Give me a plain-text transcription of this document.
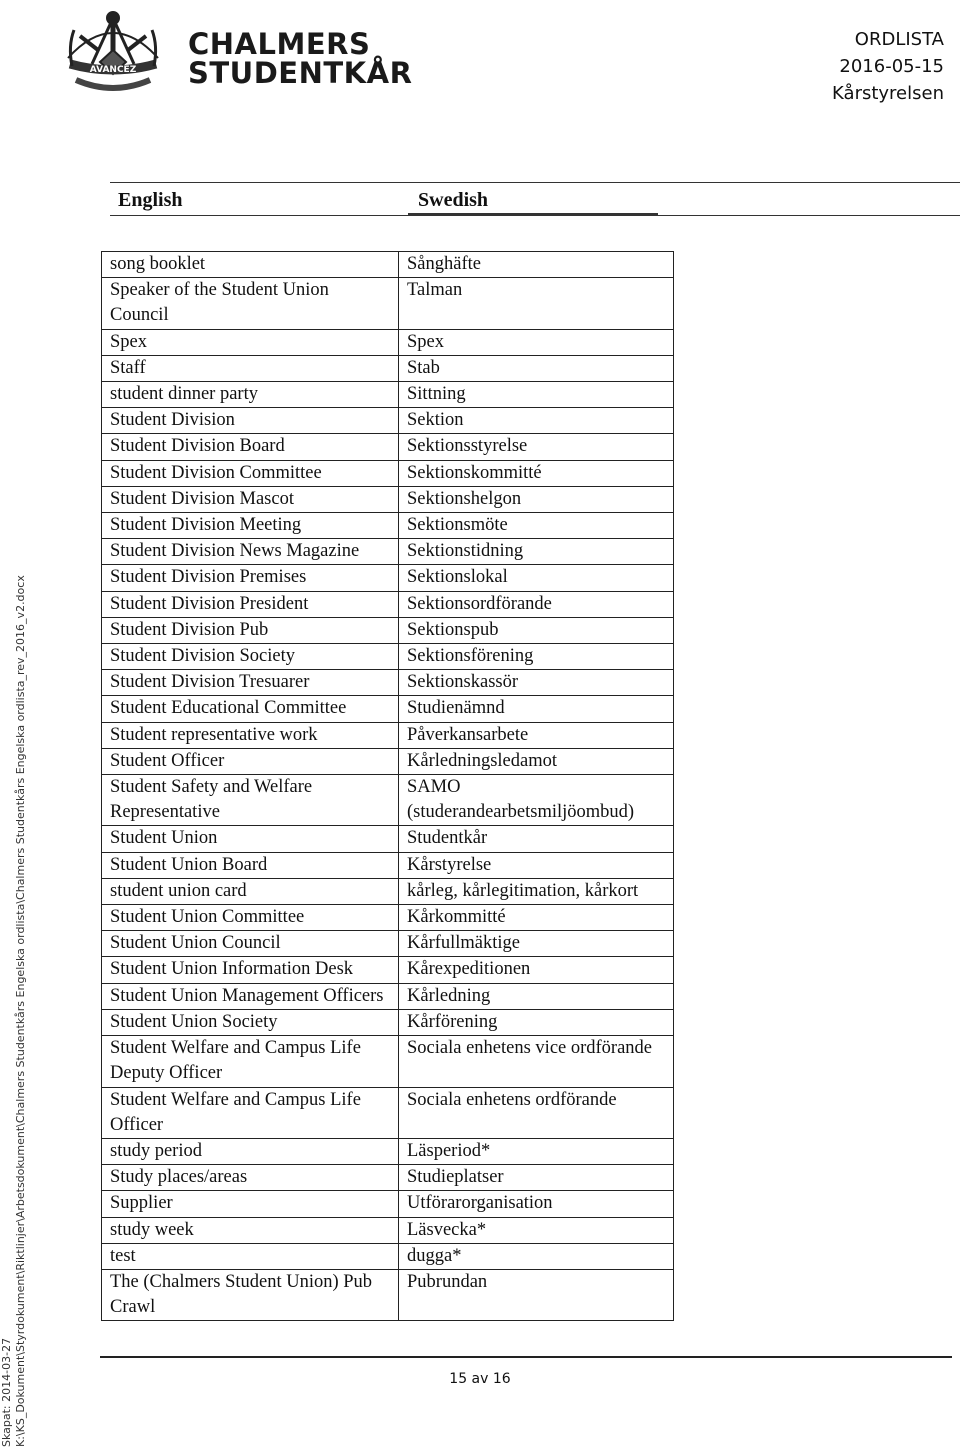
AVANCEZ
CHALMERS
STUDENTKÅR
ORDLISTA
2016-05-15
Kårstyrelsen
English	Swedish
song booklet	Sånghäfte
Speaker of the Student Union Council	Talman
Spex	Spex
Staff	Stab
student dinner party	Sittning
Student Division	Sektion
Student Division Board	Sektionsstyrelse
Student Division Committee	Sektionskommitté
Student Division Mascot	Sektionshelgon
Student Division Meeting	Sektionsmöte
Student Division News Magazine	Sektionstidning
Student Division Premises	Sektionslokal
Student Division President	Sektionsordförande
Student Division Pub	Sektionspub
Student Division Society	Sektionsförening
Student Division Tresuarer	Sektionskassör
Student Educational Committee	Studienämnd
Student representative work	Påverkansarbete
Student Officer	Kårledningsledamot
Student Safety and Welfare Representative	SAMO (studerandearbetsmiljöombud)
Student Union	Studentkår
Student Union Board	Kårstyrelse
student union card	kårleg, kårlegitimation, kårkort
Student Union Committee	Kårkommitté
Student Union Council	Kårfullmäktige
Student Union Information Desk	Kårexpeditionen
Student Union Management Officers	Kårledning
Student Union Society	Kårförening
Student Welfare and Campus Life Deputy Officer	Sociala enhetens vice ordförande
Student Welfare and Campus Life Officer	Sociala enhetens ordförande
study period	Läsperiod*
Study places/areas	Studieplatser
Supplier	Utförarorganisation
study week	Läsvecka*
test	dugga*
The (Chalmers Student Union) Pub Crawl	Pubrundan
Skapat: 2014-03-27 K:\KS_Dokument\Styrdokument\Riktlinjer\Arbetsdokument\Chalmers Studentkårs Engelska ordlista\Chalmers Studentkårs Engelska ordlista_rev_2016_v2.docx	15 av 16
